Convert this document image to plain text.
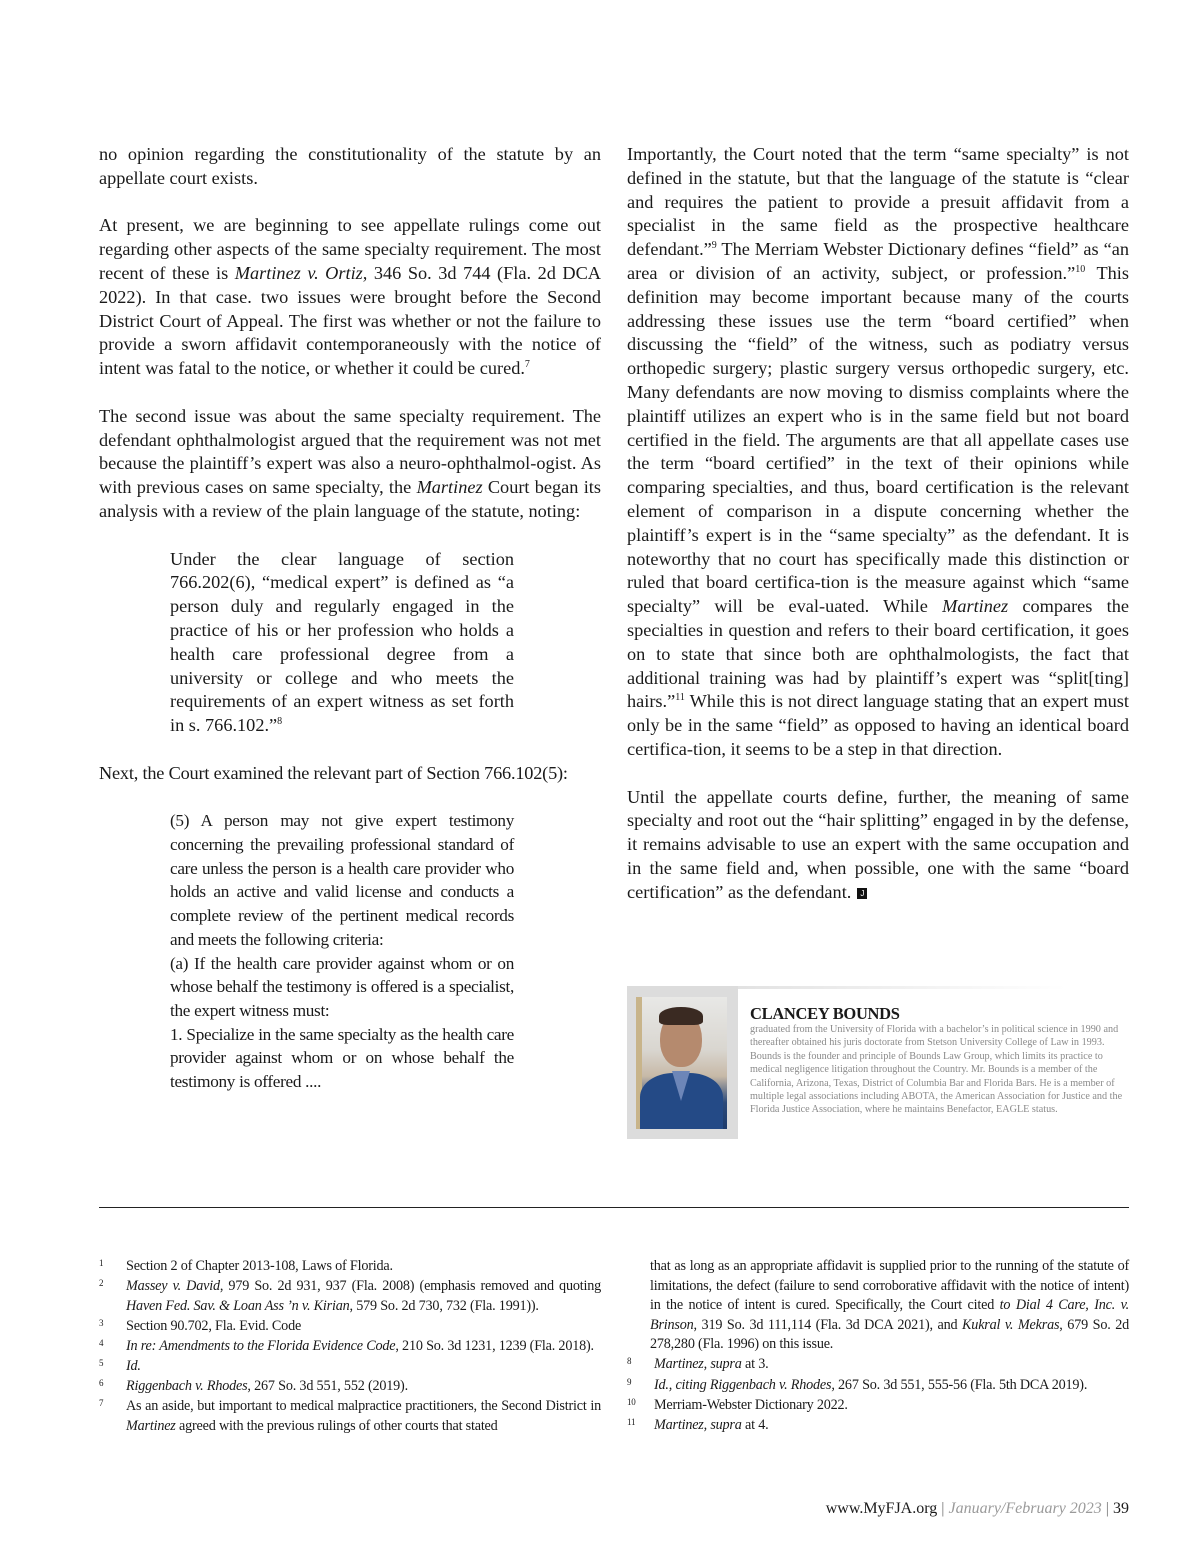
no opinion regarding the constitutionality of the statute by an appellate court exists.

At present, we are beginning to see appellate rulings come out regarding other aspects of the same specialty requirement. The most recent of these is Martinez v. Ortiz, 346 So. 3d 744 (Fla. 2d DCA 2022). In that case. two issues were brought before the Second District Court of Appeal. The first was whether or not the failure to provide a sworn affidavit contemporaneously with the notice of intent was fatal to the notice, or whether it could be cured.$^7$

The second issue was about the same specialty requirement. The defendant ophthalmologist argued that the requirement was not met because the plaintiff’s expert was also a neuro-ophthalmol-ogist. As with previous cases on same specialty, the Martinez Court began its analysis with a review of the plain language of the statute, noting:

Under the clear language of section 766.202(6), “medical expert” is defined as “a person duly and regularly engaged in the practice of his or her profession who holds a health care professional degree from a university or college and who meets the requirements of an expert witness as set forth in s. 766.102.”$^8$

Next, the Court examined the relevant part of Section 766.102(5):

(5) A person may not give expert testimony concerning the prevailing professional standard of care unless the person is a health care provider who holds an active and valid license and conducts a complete review of the pertinent medical records and meets the following criteria:

(a) If the health care provider against whom or on whose behalf the testimony is offered is a specialist, the expert witness must:

1. Specialize in the same specialty as the health care provider against whom or on whose behalf the testimony is offered ....

Importantly, the Court noted that the term “same specialty” is not defined in the statute, but that the language of the statute is “clear and requires the patient to provide a presuit affidavit from a specialist in the same field as the prospective healthcare defendant.”$^9$ The Merriam Webster Dictionary defines “field” as “an area or division of an activity, subject, or profession.”$^{10}$ This definition may become important because many of the courts addressing these issues use the term “board certified” when discussing the “field” of the witness, such as podiatry versus orthopedic surgery; plastic surgery versus orthopedic surgery, etc. Many defendants are now moving to dismiss complaints where the plaintiff utilizes an expert who is in the same field but not board certified in the field. The arguments are that all appellate cases use the term “board certified” in the text of their opinions while comparing specialties, and thus, board certification is the relevant element of comparison in a dispute concerning whether the plaintiff’s expert is in the “same specialty” as the defendant. It is noteworthy that no court has specifically made this distinction or ruled that board certifica-tion is the measure against which “same specialty” will be eval-uated. While Martinez compares the specialties in question and refers to their board certification, it goes on to state that since both are ophthalmologists, the fact that additional training was had by plaintiff’s expert was “split[ting] hairs.”$^{11}$ While this is not direct language stating that an expert must only be in the same “field” as opposed to having an identical board certifica-tion, it seems to be a step in that direction.

Until the appellate courts define, further, the meaning of same specialty and root out the “hair splitting” engaged in by the defense, it remains advisable to use an expert with the same occupation and in the same field and, when possible, one with the same “board certification” as the defendant. J

CLANCEY BOUNDS
graduated from the University of Florida with a bachelor’s in political science in 1990 and thereafter obtained his juris doctorate from Stetson University College of Law in 1993. Bounds is the founder and principle of Bounds Law Group, which limits its practice to medical negligence litigation throughout the Country. Mr. Bounds is a member of the California, Arizona, Texas, District of Columbia Bar and Florida Bars. He is a member of multiple legal associations including ABOTA, the American Association for Justice and the Florida Justice Association, where he maintains Benefactor, EAGLE status.
1 Section 2 of Chapter 2013-108, Laws of Florida.
2 Massey v. David, 979 So. 2d 931, 937 (Fla. 2008) (emphasis removed and quoting Haven Fed. Sav. & Loan Ass ’n v. Kirian, 579 So. 2d 730, 732 (Fla. 1991)).
3 Section 90.702, Fla. Evid. Code
4 In re: Amendments to the Florida Evidence Code, 210 So. 3d 1231, 1239 (Fla. 2018).
5 Id.
6 Riggenbach v. Rhodes, 267 So. 3d 551, 552 (2019).
7 As an aside, but important to medical malpractice practitioners, the Second District in Martinez agreed with the previous rulings of other courts that stated
that as long as an appropriate affidavit is supplied prior to the running of the statute of limitations, the defect (failure to send corroborative affidavit with the notice of intent) in the notice of intent is cured. Specifically, the Court cited to Dial 4 Care, Inc. v. Brinson, 319 So. 3d 111,114 (Fla. 3d DCA 2021), and Kukral v. Mekras, 679 So. 2d 278,280 (Fla. 1996) on this issue.
8 Martinez, supra at 3.
9 Id., citing Riggenbach v. Rhodes, 267 So. 3d 551, 555-56 (Fla. 5th DCA 2019).
10 Merriam-Webster Dictionary 2022.
11 Martinez, supra at 4.
www.MyFJA.org | January/February 2023 | 39
